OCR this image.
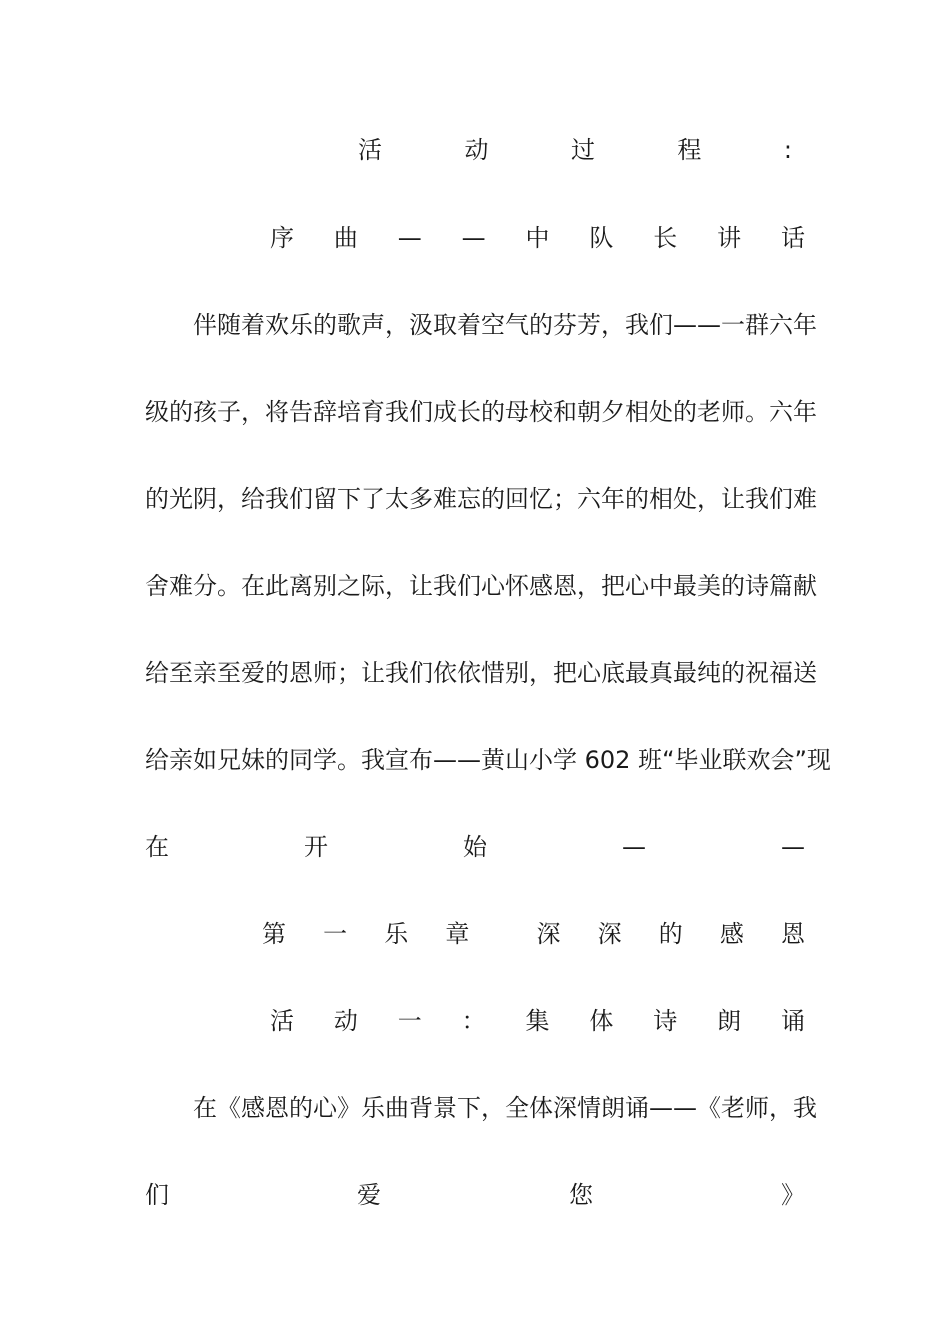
活	动	过	程	:
序 曲 — — 中 队 长 讲 话
伴随着欢乐的歌声，汲取着空气的芬芳，我们——一群六年
级的孩子，将告辞培育我们成长的母校和朝夕相处的老师。六年
的光阴，给我们留下了太多难忘的回忆；六年的相处，让我们难
舍难分。在此离别之际，让我们心怀感恩，把心中最美的诗篇献
给至亲至爱的恩师；让我们依依惜别，把心底最真最纯的祝福送
给亲如兄妹的同学。我宣布——黄山小学 602 班“毕业联欢会”现
在	开	始	—	—
第 一 乐 章	深 深 的 感 恩
活 动 一 ： 集 体 诗 朗 诵
在《感恩的心》乐曲背景下，全体深情朗诵——《老师，我
们	爱	您	》
